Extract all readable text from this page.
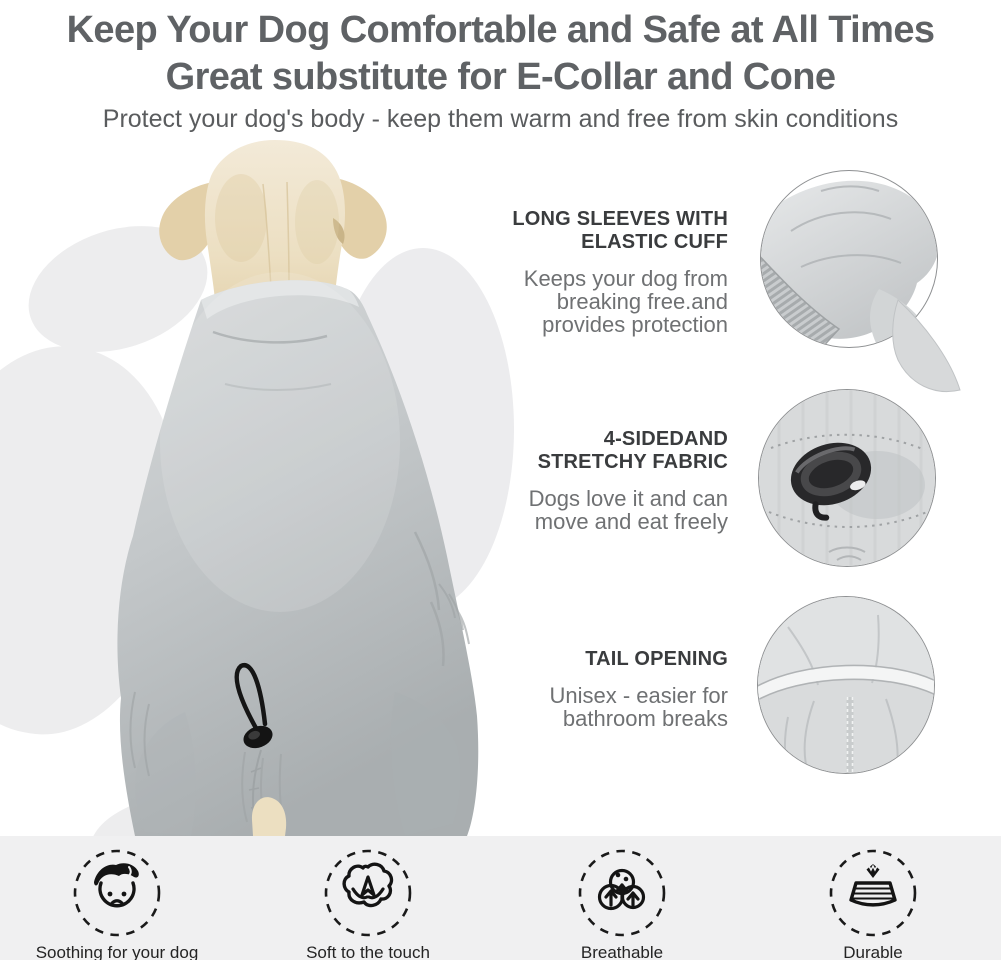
Keep Your Dog Comfortable and Safe at All Times
Great substitute for E-Collar and Cone
Protect your dog's body - keep them warm and free from skin conditions
LONG SLEEVES WITH
ELASTIC CUFF
Keeps your dog from
breaking free.and
provides protection
4-SIDEDAND
STRETCHY FABRIC
Dogs love it and can
move and eat freely
TAIL OPENING
Unisex - easier for
bathroom breaks
Soothing for your dog	Soft to the touch	Breathable	Durable
